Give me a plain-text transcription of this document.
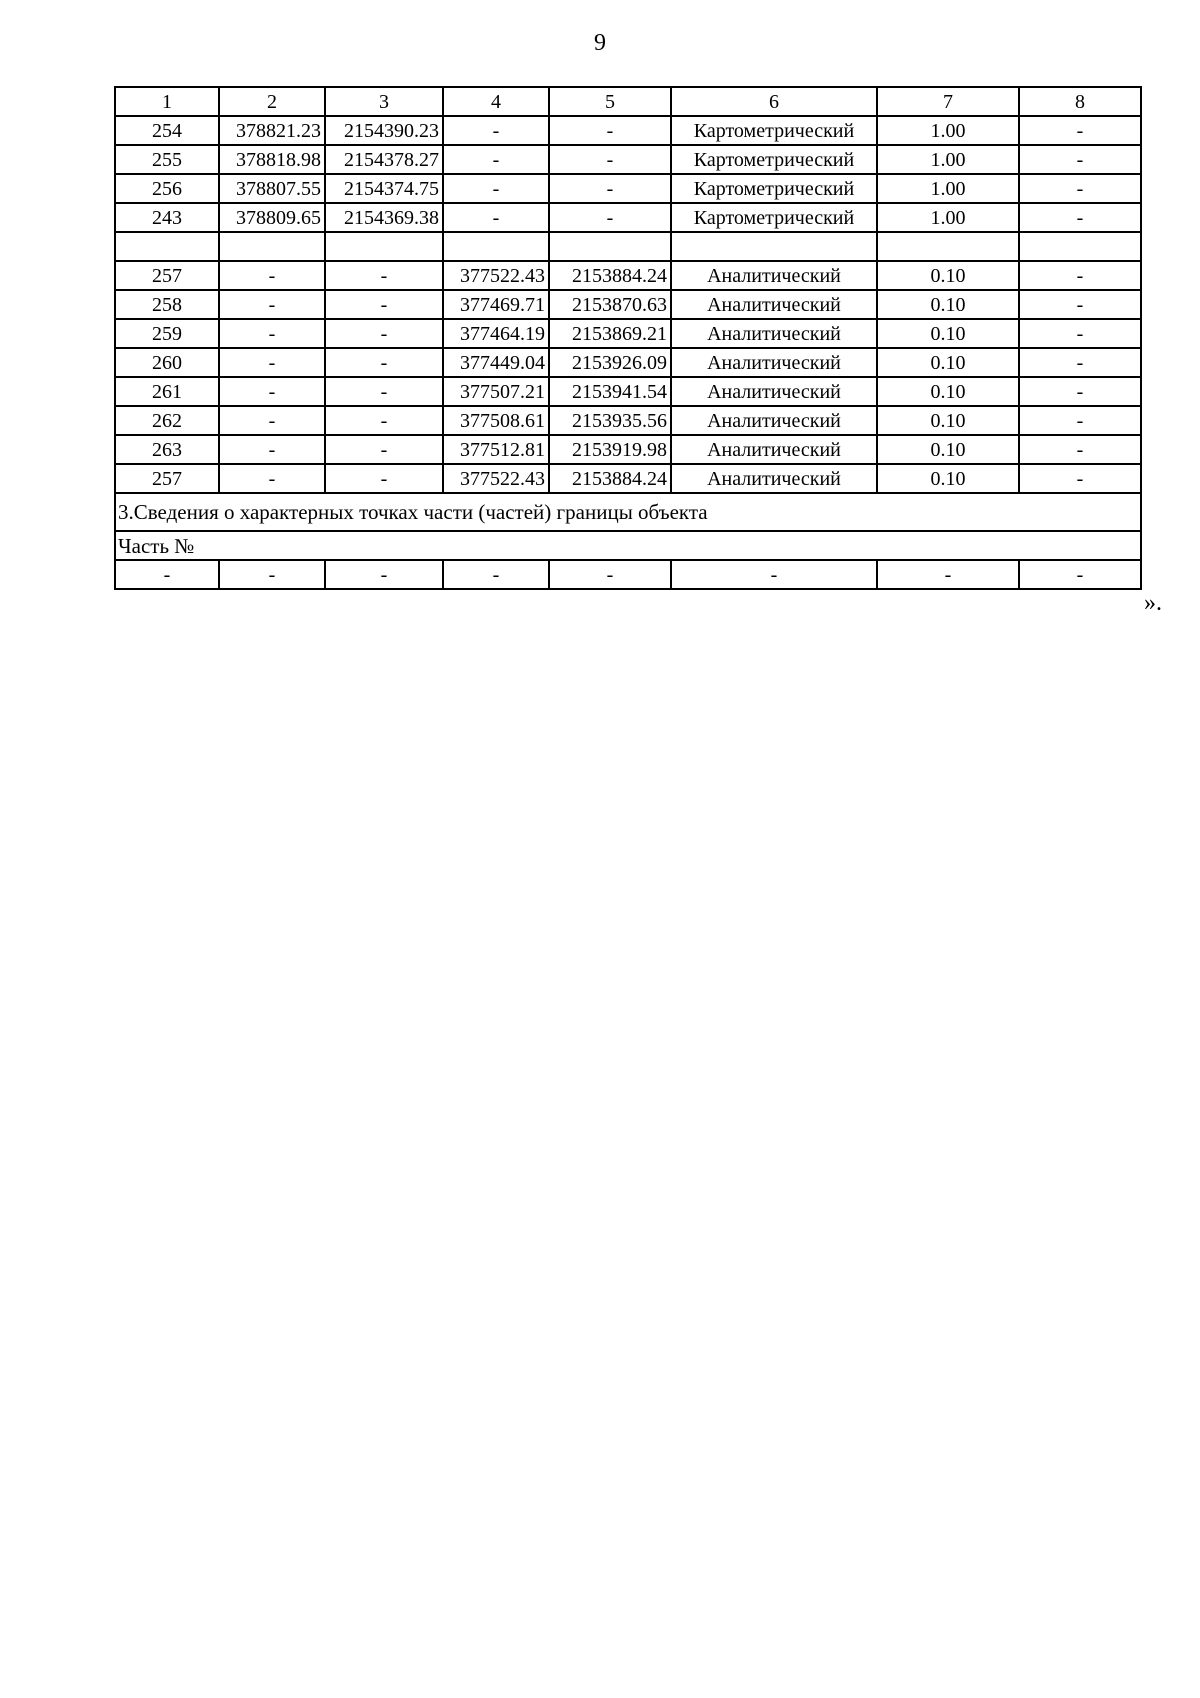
9
1	2	3	4	5	6	7	8
254	378821.23	2154390.23	-	-	Картометрический	1.00	-
255	378818.98	2154378.27	-	-	Картометрический	1.00	-
256	378807.55	2154374.75	-	-	Картометрический	1.00	-
243	378809.65	2154369.38	-	-	Картометрический	1.00	-

257	-	-	377522.43	2153884.24	Аналитический	0.10	-
258	-	-	377469.71	2153870.63	Аналитический	0.10	-
259	-	-	377464.19	2153869.21	Аналитический	0.10	-
260	-	-	377449.04	2153926.09	Аналитический	0.10	-
261	-	-	377507.21	2153941.54	Аналитический	0.10	-
262	-	-	377508.61	2153935.56	Аналитический	0.10	-
263	-	-	377512.81	2153919.98	Аналитический	0.10	-
257	-	-	377522.43	2153884.24	Аналитический	0.10	-
3.Сведения о характерных точках части (частей) границы объекта							
Часть №							
-	-	-	-	-	-	-	-
».
